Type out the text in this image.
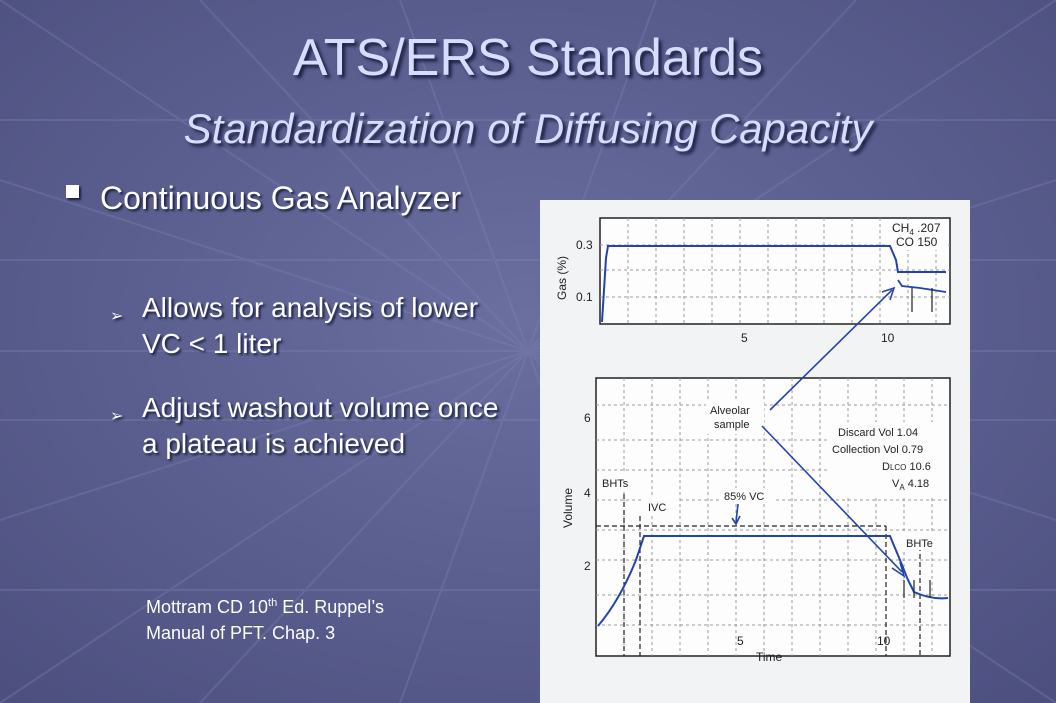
ATS/ERS Standards
Standardization of Diffusing Capacity
Continuous Gas Analyzer
➢ Allows for analysis of lower VC < 1 liter
➢ Adjust washout volume once a plateau is achieved
Mottram CD 10th Ed. Ruppel’s
Manual of PFT. Chap. 3
Gas (%)
0.3
0.1
5	10
$CH_4$ .207
CO 150
Volume
6
4
2
5	10
Time
BHTs
IVC
85% VC
BHTe
Alveolar
sample
Discard Vol 1.04
Collection Vol 0.79
DLCO 10.6
$V_A$ 4.18
